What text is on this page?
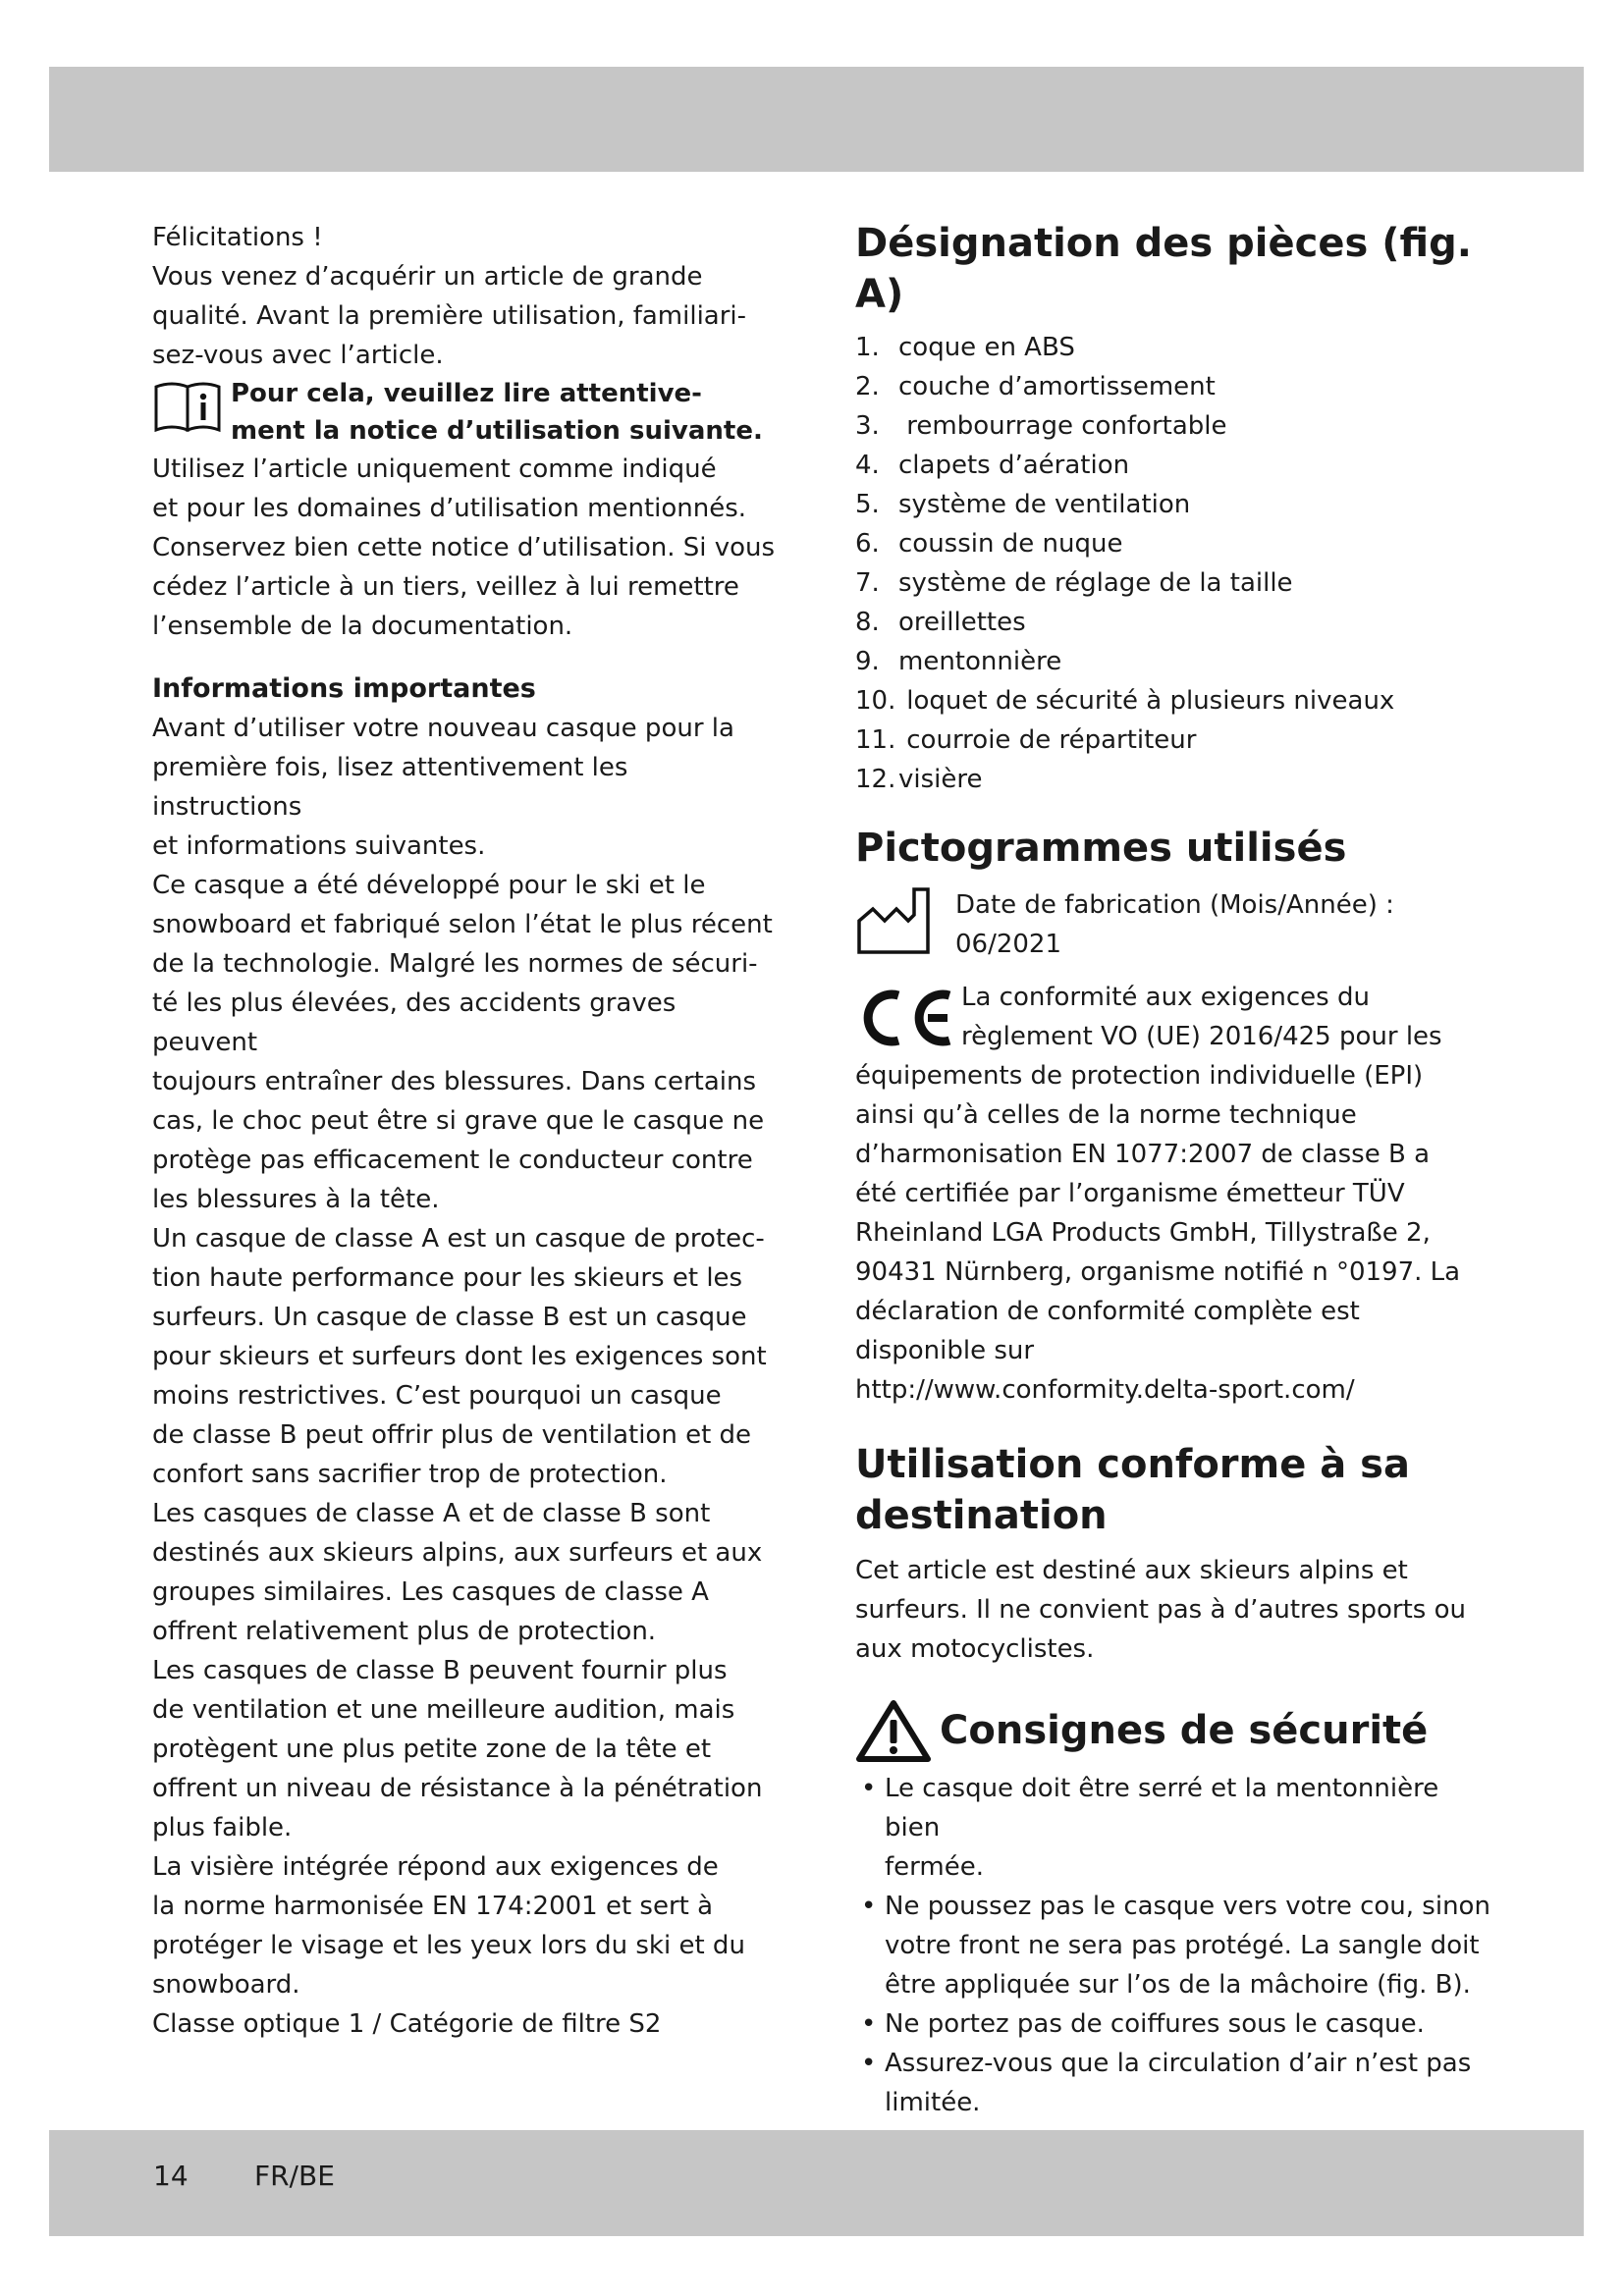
Félicitations !

Vous venez d’acquérir un article de grande

qualité. Avant la première utilisation, familiari-

sez-vous avec l’article.

Pour cela, veuillez lire attentive-
ment la notice d’utilisation suivante.

Utilisez l’article uniquement comme indiqué

et pour les domaines d’utilisation mentionnés.

Conservez bien cette notice d’utilisation. Si vous

cédez l’article à un tiers, veillez à lui remettre

l’ensemble de la documentation.

Informations importantes

Avant d’utiliser votre nouveau casque pour la

première fois, lisez attentivement les instructions

et informations suivantes.

Ce casque a été développé pour le ski et le

snowboard et fabriqué selon l’état le plus récent

de la technologie. Malgré les normes de sécuri-

té les plus élevées, des accidents graves peuvent

toujours entraîner des blessures. Dans certains

cas, le choc peut être si grave que le casque ne

protège pas efficacement le conducteur contre

les blessures à la tête.

Un casque de classe A est un casque de protec-

tion haute performance pour les skieurs et les

surfeurs. Un casque de classe B est un casque

pour skieurs et surfeurs dont les exigences sont

moins restrictives. C’est pourquoi un casque

de classe B peut offrir plus de ventilation et de

confort sans sacrifier trop de protection.

Les casques de classe A et de classe B sont

destinés aux skieurs alpins, aux surfeurs et aux

groupes similaires. Les casques de classe A

offrent relativement plus de protection.

Les casques de classe B peuvent fournir plus

de ventilation et une meilleure audition, mais

protègent une plus petite zone de la tête et

offrent un niveau de résistance à la pénétration

plus faible.

La visière intégrée répond aux exigences de

la norme harmonisée EN 174:2001 et sert à

protéger le visage et les yeux lors du ski et du

snowboard.

Classe optique 1 / Catégorie de filtre S2

Désignation des pièces (fig. A)
1. coque en ABS
2. couche d’amortissement
3. rembourrage confortable
4. clapets d’aération
5. système de ventilation
6. coussin de nuque
7. système de réglage de la taille
8. oreillettes
9. mentonnière
10. loquet de sécurité à plusieurs niveaux
11. courroie de répartiteur
12. visière
Pictogrammes utilisés
Date de fabrication (Mois/Année) :
06/2021

La conformité aux exigences du

règlement VO (UE) 2016/425 pour les

équipements de protection individuelle (EPI)

ainsi qu’à celles de la norme technique

d’harmonisation EN 1077:2007 de classe B a

été certifiée par l’organisme émetteur TÜV

Rheinland LGA Products GmbH, Tillystraße 2,

90431 Nürnberg, organisme notifié n °0197. La

déclaration de conformité complète est

disponible sur

http://www.conformity.delta-sport.com/

Utilisation conforme à sa
destination

Cet article est destiné aux skieurs alpins et

surfeurs. Il ne convient pas à d’autres sports ou

aux motocyclistes.

Consignes de sécurité
• Le casque doit être serré et la mentonnière bien
fermée.
• Ne poussez pas le casque vers votre cou, sinon
votre front ne sera pas protégé. La sangle doit
être appliquée sur l’os de la mâchoire (fig. B).
• Ne portez pas de coiffures sous le casque.
• Assurez-vous que la circulation d’air n’est pas
limitée.
14 FR/BE
